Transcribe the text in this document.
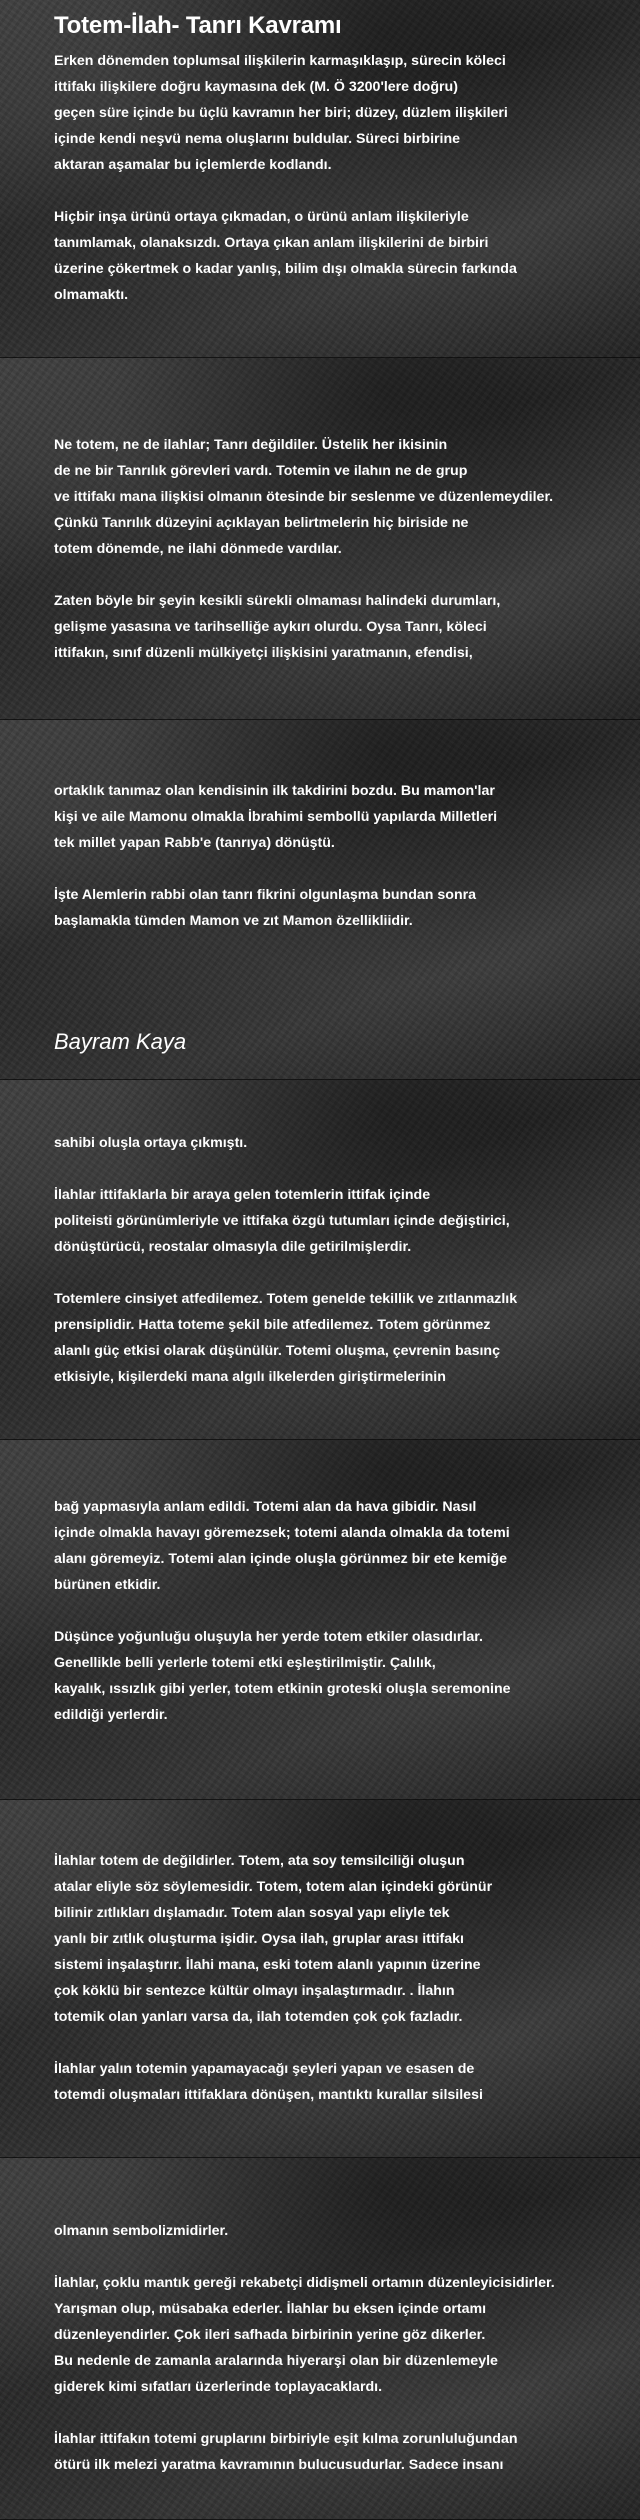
Totem-İlah- Tanrı Kavramı

Erken dönemden toplumsal ilişkilerin karmaşıklaşıp, sürecin köleci
ittifakı ilişkilere doğru kaymasına dek (M. Ö 3200'lere doğru)
geçen süre içinde bu üçlü kavramın her biri; düzey, düzlem ilişkileri
içinde kendi neşvü nema oluşlarını buldular. Süreci birbirine
aktaran aşamalar bu içlemlerde kodlandı.

Hiçbir inşa ürünü ortaya çıkmadan, o ürünü anlam ilişkileriyle
tanımlamak, olanaksızdı. Ortaya çıkan anlam ilişkilerini de birbiri
üzerine çökertmek o kadar yanlış, bilim dışı olmakla sürecin farkında
olmamaktı.

Ne totem, ne de ilahlar; Tanrı değildiler. Üstelik her ikisinin
de ne bir Tanrılık görevleri vardı. Totemin ve ilahın ne de grup
ve ittifakı mana ilişkisi olmanın ötesinde bir seslenme ve düzenlemeydiler.
Çünkü Tanrılık düzeyini açıklayan belirtmelerin hiç biriside ne
totem dönemde, ne ilahi dönmede vardılar.

Zaten böyle bir şeyin kesikli sürekli olmaması halindeki durumları,
gelişme yasasına ve tarihselliğe aykırı olurdu. Oysa Tanrı, köleci
ittifakın, sınıf düzenli mülkiyetçi ilişkisini yaratmanın, efendisi,

ortaklık tanımaz olan kendisinin ilk takdirini bozdu. Bu mamon'lar
kişi ve aile Mamonu olmakla İbrahimi sembollü yapılarda Milletleri
tek millet yapan Rabb'e (tanrıya) dönüştü.

İşte Alemlerin rabbi olan tanrı fikrini olgunlaşma bundan sonra
başlamakla tümden Mamon ve zıt Mamon özellikliidir.

Bayram Kaya

sahibi oluşla ortaya çıkmıştı.

İlahlar ittifaklarla bir araya gelen totemlerin ittifak içinde
politeisti görünümleriyle ve ittifaka özgü tutumları içinde değiştirici,
dönüştürücü, reostalar olmasıyla dile getirilmişlerdir.

Totemlere cinsiyet atfedilemez. Totem genelde tekillik ve zıtlanmazlık
prensiplidir. Hatta toteme şekil bile atfedilemez. Totem görünmez
alanlı güç etkisi olarak düşünülür. Totemi oluşma, çevrenin basınç
etkisiyle, kişilerdeki mana algılı ilkelerden giriştirmelerinin

bağ yapmasıyla anlam edildi. Totemi alan da hava gibidir. Nasıl
içinde olmakla havayı göremezsek; totemi alanda olmakla da totemi
alanı göremeyiz. Totemi alan içinde oluşla görünmez bir ete kemiğe
bürünen etkidir.

Düşünce yoğunluğu oluşuyla her yerde totem etkiler olasıdırlar.
Genellikle belli yerlerle totemi etki eşleştirilmiştir. Çalılık,
kayalık, ıssızlık gibi yerler, totem etkinin groteski oluşla seremonine
edildiği yerlerdir.

İlahlar totem de değildirler. Totem, ata soy temsilciliği oluşun
atalar eliyle söz söylemesidir. Totem, totem alan içindeki görünür
bilinir zıtlıkları dışlamadır. Totem alan sosyal yapı eliyle tek
yanlı bir zıtlık oluşturma işidir. Oysa ilah, gruplar arası ittifakı
sistemi inşalaştırır. İlahi mana, eski totem alanlı yapının üzerine
çok köklü bir sentezce kültür olmayı inşalaştırmadır. . İlahın
totemik olan yanları varsa da, ilah totemden çok çok fazladır.

İlahlar yalın totemin yapamayacağı şeyleri yapan ve esasen de
totemdi oluşmaları ittifaklara dönüşen, mantıktı kurallar silsilesi

olmanın sembolizmidirler.

İlahlar, çoklu mantık gereği rekabetçi didişmeli ortamın düzenleyicisidirler.
Yarışman olup, müsabaka ederler. İlahlar bu eksen içinde ortamı
düzenleyendirler. Çok ileri safhada birbirinin yerine göz dikerler.
Bu nedenle de zamanla aralarında hiyerarşi olan bir düzenlemeyle
giderek kimi sıfatları üzerlerinde toplayacaklardı.

İlahlar ittifakın totemi gruplarını birbiriyle eşit kılma zorunluluğundan
ötürü ilk melezi yaratma kavramının bulucusudurlar. Sadece insanı
